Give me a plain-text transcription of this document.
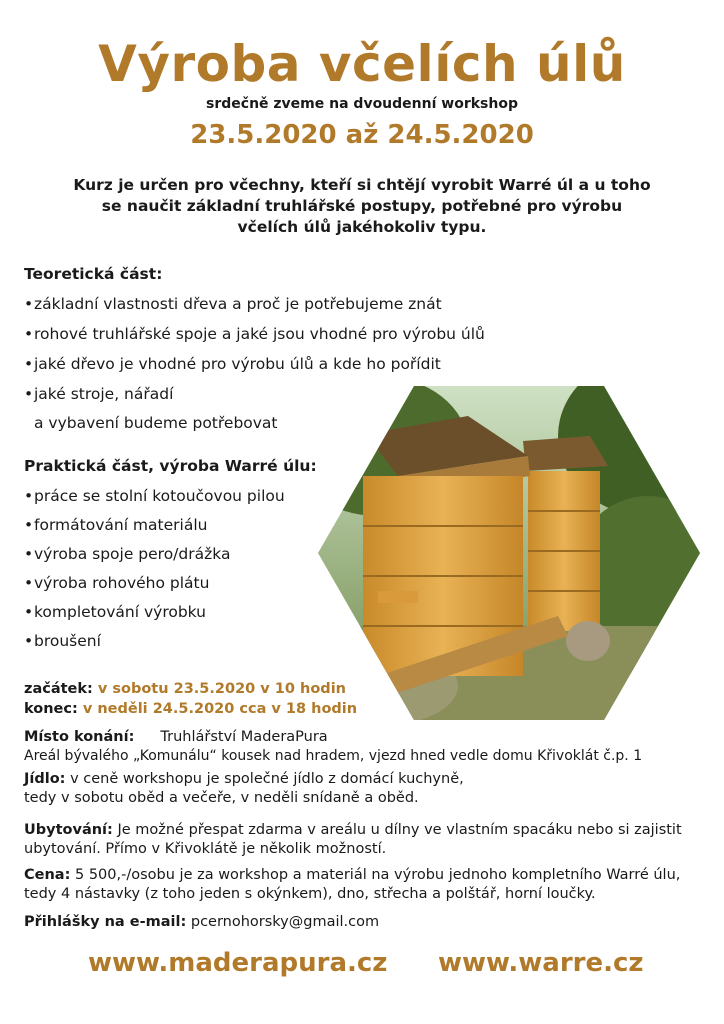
Výroba včelích úlů
srdečně zveme na dvoudenní workshop
23.5.2020 až 24.5.2020
Kurz je určen pro včechny, kteří si chtějí vyrobit Warré úl a u toho
se naučit základní truhlářské postupy, potřebné pro výrobu
včelích úlů jakéhokoliv typu.
Teoretická část:
•základní vlastnosti dřeva a proč je potřebujeme znát
•rohové truhlářské spoje a jaké jsou vhodné pro výrobu úlů
•jaké dřevo je vhodné pro výrobu úlů a kde ho pořídit
•jaké stroje, nářadí
a vybavení budeme potřebovat
Praktická část, výroba Warré úlu:
•práce se stolní kotoučovou pilou
•formátování materiálu
•výroba spoje pero/drážka
•výroba rohového plátu
•kompletování výrobku
•broušení
začátek: v sobotu 23.5.2020 v 10 hodin
konec: v neděli 24.5.2020 cca v 18 hodin
Místo konání: Truhlářství MaderaPura
Areál bývalého „Komunálu“ kousek nad hradem, vjezd hned vedle domu Křivoklát č.p. 1
Jídlo: v ceně workshopu je společné jídlo z domácí kuchyně,
tedy v sobotu oběd a večeře, v neděli snídaně a oběd.
Ubytování: Je možné přespat zdarma v areálu u dílny ve vlastním spacáku nebo si zajistit
ubytování. Přímo v Křivoklátě je několik možností.
Cena: 5 500,-/osobu je za workshop a materiál na výrobu jednoho kompletního Warré úlu,
tedy 4 nástavky (z toho jeden s okýnkem), dno, střecha a polštář, horní loučky.
Přihlášky na e-mail: pcernohorsky@gmail.com
www.maderapura.cz www.warre.cz
